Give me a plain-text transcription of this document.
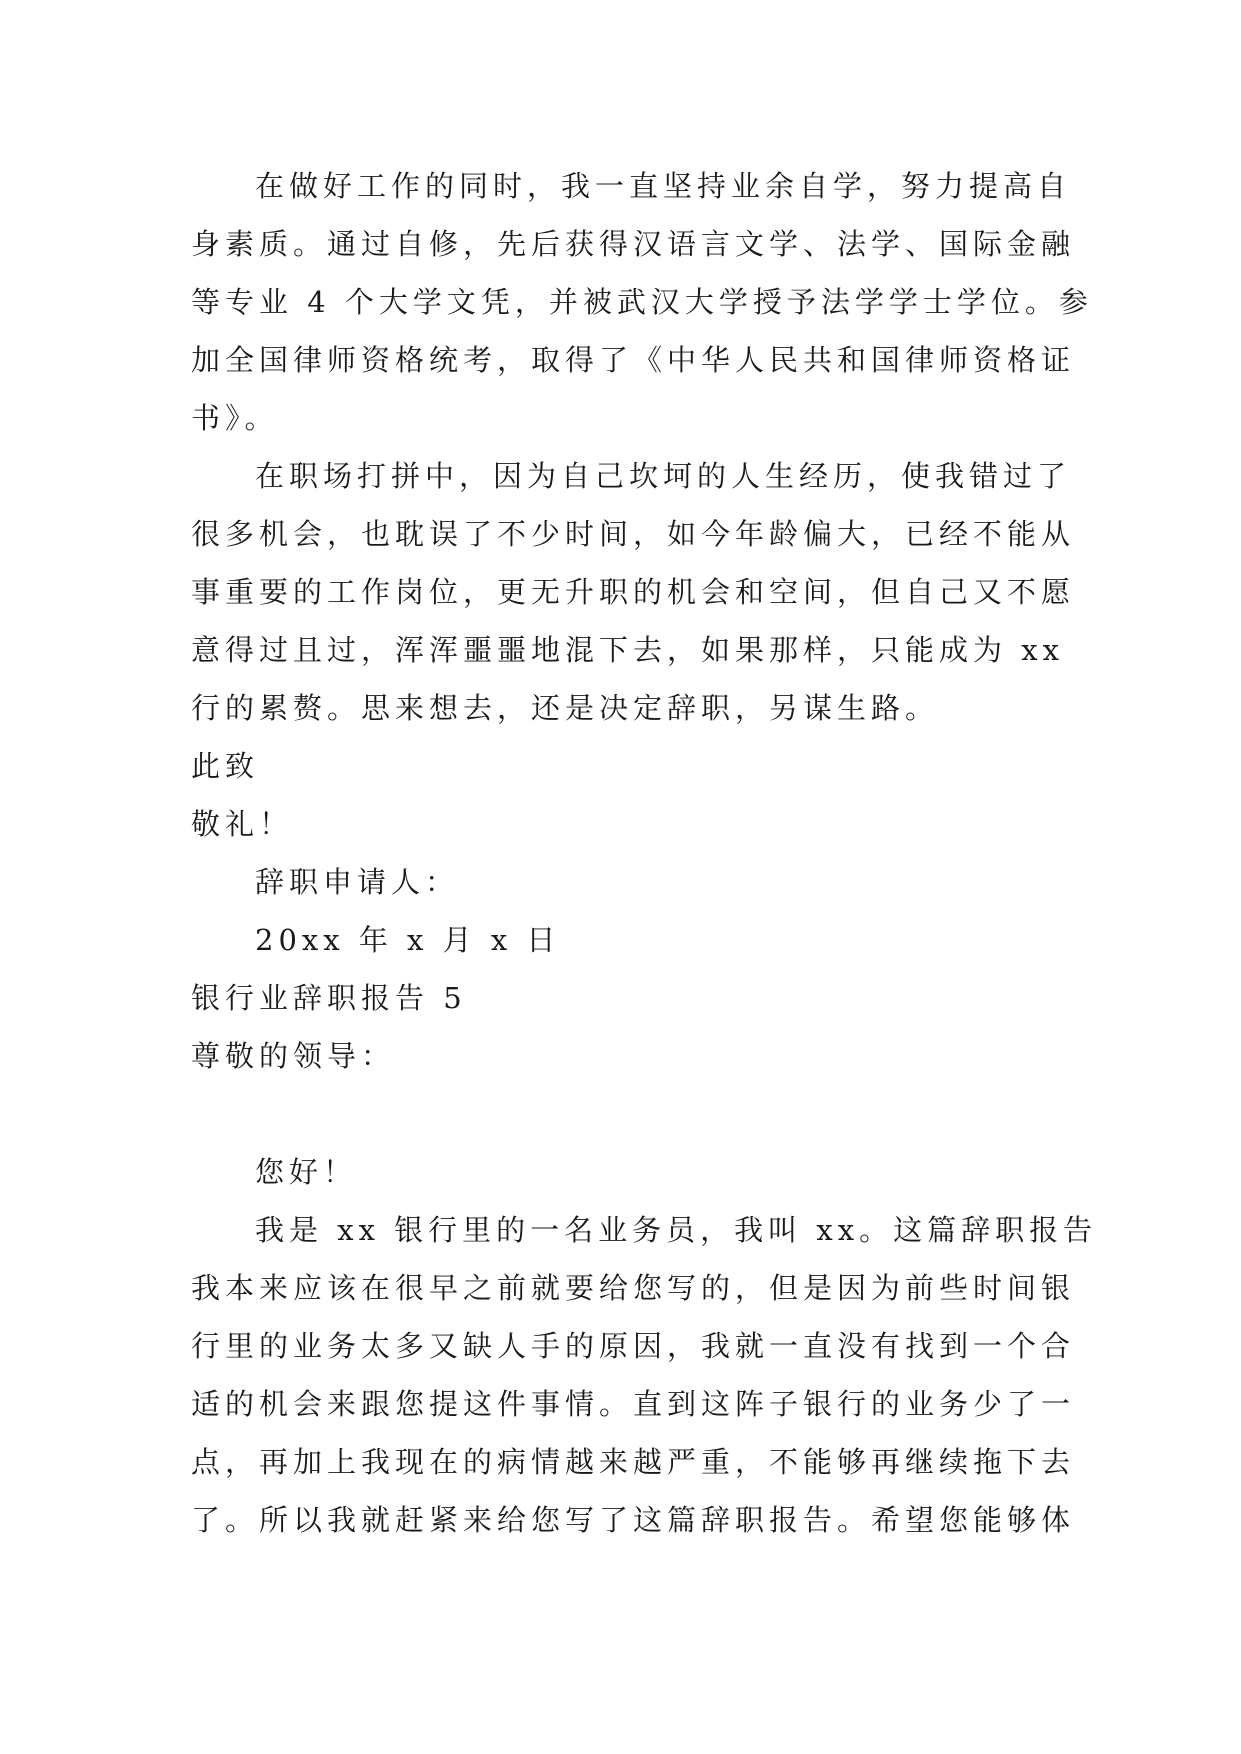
在做好工作的同时，我一直坚持业余自学，努力提高自
身素质。通过自修，先后获得汉语言文学、法学、国际金融
等专业 4 个大学文凭，并被武汉大学授予法学学士学位。参
加全国律师资格统考，取得了《中华人民共和国律师资格证
书》。
在职场打拼中，因为自己坎坷的人生经历，使我错过了
很多机会，也耽误了不少时间，如今年龄偏大，已经不能从
事重要的工作岗位，更无升职的机会和空间，但自己又不愿
意得过且过，浑浑噩噩地混下去，如果那样，只能成为 xx
行的累赘。思来想去，还是决定辞职，另谋生路。
此致
敬礼！
辞职申请人：
20xx 年 x 月 x 日
银行业辞职报告 5
尊敬的领导：
您好！
我是 xx 银行里的一名业务员，我叫 xx。这篇辞职报告
我本来应该在很早之前就要给您写的，但是因为前些时间银
行里的业务太多又缺人手的原因，我就一直没有找到一个合
适的机会来跟您提这件事情。直到这阵子银行的业务少了一
点，再加上我现在的病情越来越严重，不能够再继续拖下去
了。所以我就赶紧来给您写了这篇辞职报告。希望您能够体
